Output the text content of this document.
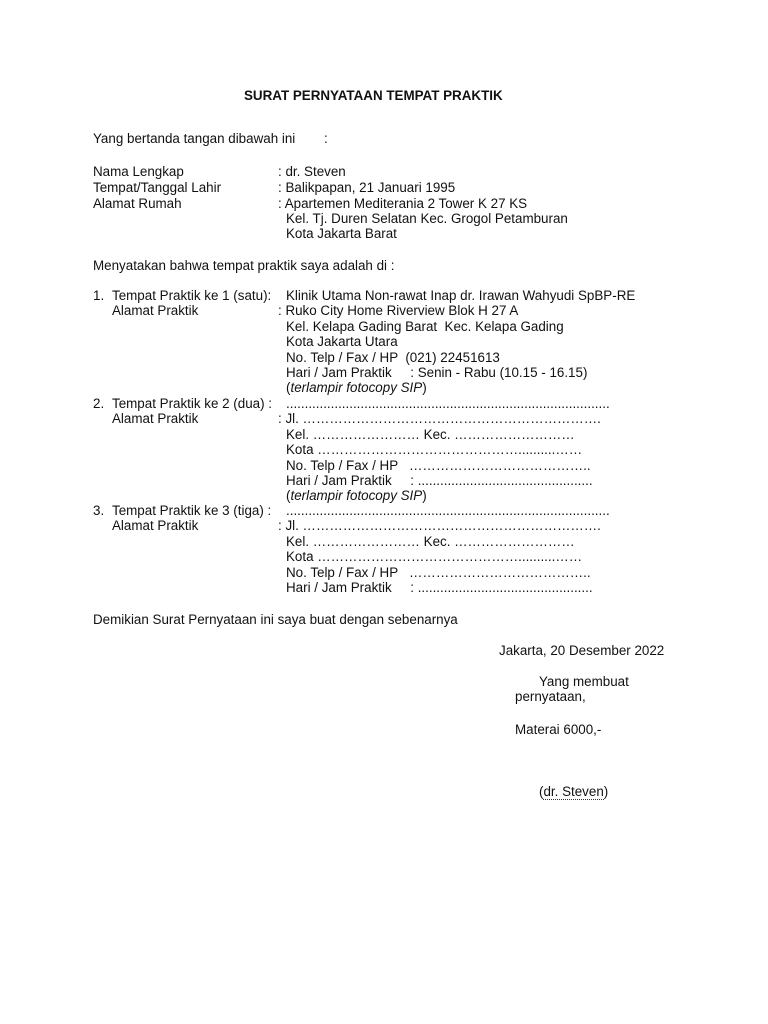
SURAT PERNYATAAN TEMPAT PRAKTIK
Yang bertanda tangan dibawah ini :
Nama Lengkap	: dr. Steven
Tempat/Tanggal Lahir	: Balikpapan, 21 Januari 1995
Alamat Rumah	: Apartemen Mediterania 2 Tower K 27 KS
Kel. Tj. Duren Selatan Kec. Grogol Petamburan
Kota Jakarta Barat
Menyatakan bahwa tempat praktik saya adalah di :
1. Tempat Praktik ke 1 (satu): Klinik Utama Non-rawat Inap dr. Irawan Wahyudi SpBP-RE
Alamat Praktik	: Ruko City Home Riverview Blok H 27 A
Kel. Kelapa Gading Barat  Kec. Kelapa Gading
Kota Jakarta Utara
No. Telp / Fax / HP  (021) 22451613
Hari / Jam Praktik     : Senin - Rabu (10.15 - 16.15)
(terlampir fotocopy SIP)
2. Tempat Praktik ke 2 (dua) : .......................................................................................
Alamat Praktik	: Jl. ………………………………………………………….
Kel. …………………… Kec. ………………………
Kota ………………………………………..........……
No. Telp / Fax / HP   …………………………………..
Hari / Jam Praktik     : ...............................................
(terlampir fotocopy SIP)
3. Tempat Praktik ke 3 (tiga) : .......................................................................................
Alamat Praktik	: Jl. ………………………………………………………….
Kel. …………………… Kec. ………………………
Kota ………………………………………..........……
No. Telp / Fax / HP   …………………………………..
Hari / Jam Praktik     : ...............................................
Demikian Surat Pernyataan ini saya buat dengan sebenarnya
Jakarta, 20 Desember 2022
Yang membuat
pernyataan,
Materai 6000,-
(dr. Steven)
